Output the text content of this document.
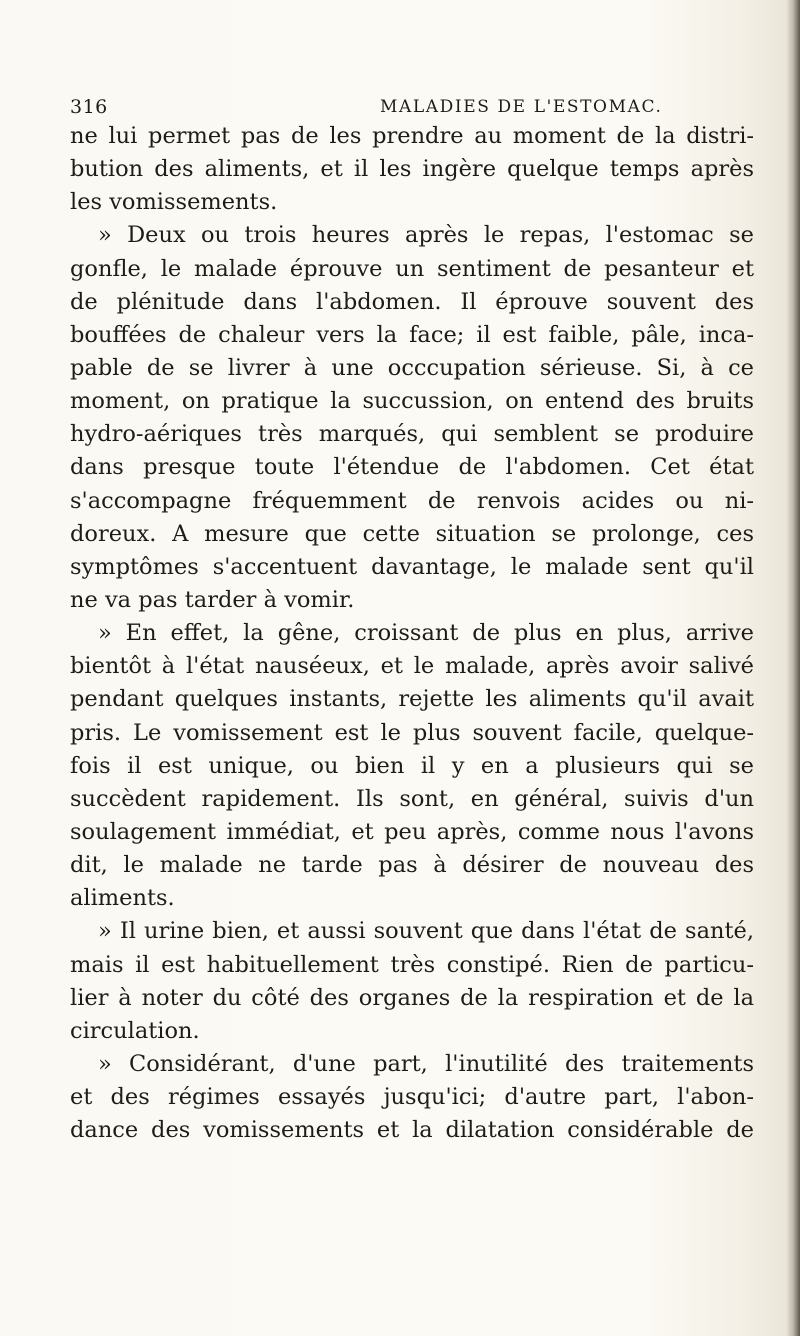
316	MALADIES DE L'ESTOMAC.
ne lui permet pas de les prendre au moment de la distri-
bution des aliments, et il les ingère quelque temps après
les vomissements.
» Deux ou trois heures après le repas, l'estomac se
gonfle, le malade éprouve un sentiment de pesanteur et
de plénitude dans l'abdomen. Il éprouve souvent des
bouffées de chaleur vers la face; il est faible, pâle, inca-
pable de se livrer à une occcupation sérieuse. Si, à ce
moment, on pratique la succussion, on entend des bruits
hydro-aériques très marqués, qui semblent se produire
dans presque toute l'étendue de l'abdomen. Cet état
s'accompagne fréquemment de renvois acides ou ni-
doreux. A mesure que cette situation se prolonge, ces
symptômes s'accentuent davantage, le malade sent qu'il
ne va pas tarder à vomir.
» En effet, la gêne, croissant de plus en plus, arrive
bientôt à l'état nauséeux, et le malade, après avoir salivé
pendant quelques instants, rejette les aliments qu'il avait
pris. Le vomissement est le plus souvent facile, quelque-
fois il est unique, ou bien il y en a plusieurs qui se
succèdent rapidement. Ils sont, en général, suivis d'un
soulagement immédiat, et peu après, comme nous l'avons
dit, le malade ne tarde pas à désirer de nouveau des
aliments.
» Il urine bien, et aussi souvent que dans l'état de santé,
mais il est habituellement très constipé. Rien de particu-
lier à noter du côté des organes de la respiration et de la
circulation.
» Considérant, d'une part, l'inutilité des traitements
et des régimes essayés jusqu'ici; d'autre part, l'abon-
dance des vomissements et la dilatation considérable de
